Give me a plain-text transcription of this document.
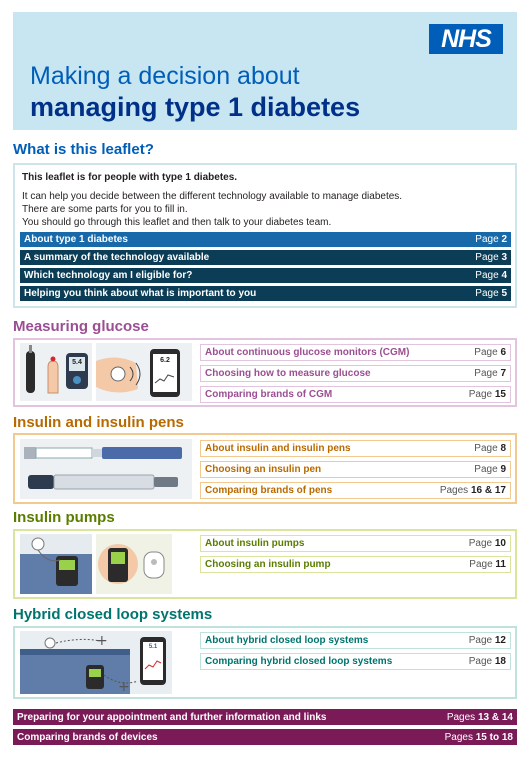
NHS
Making a decision about
managing type 1 diabetes
What is this leaflet?
This leaflet is for people with type 1 diabetes.
It can help you decide between the different technology available to manage diabetes.
There are some parts for you to fill in.
You should go through this leaflet and then talk to your diabetes team.
About type 1 diabetes	Page 2
A summary of the technology available	Page 3
Which technology am I eligible for?	Page 4
Helping you think about what is important to you	Page 5
Measuring glucose
5.4	6.2
About continuous glucose monitors (CGM)	Page 6
Choosing how to measure glucose	Page 7
Comparing brands of CGM	Page 15
Insulin and insulin pens
About insulin and insulin pens	Page 8
Choosing an insulin pen	Page 9
Comparing brands of pens	Pages 16 & 17
Insulin pumps
About insulin pumps	Page 10
Choosing an insulin pump	Page 11
Hybrid closed loop systems
+
+
5.1
About hybrid closed loop systems	Page 12
Comparing hybrid closed loop systems	Page 18
Preparing for your appointment and further information and links	Pages 13 & 14
Comparing brands of devices	Pages 15 to 18
